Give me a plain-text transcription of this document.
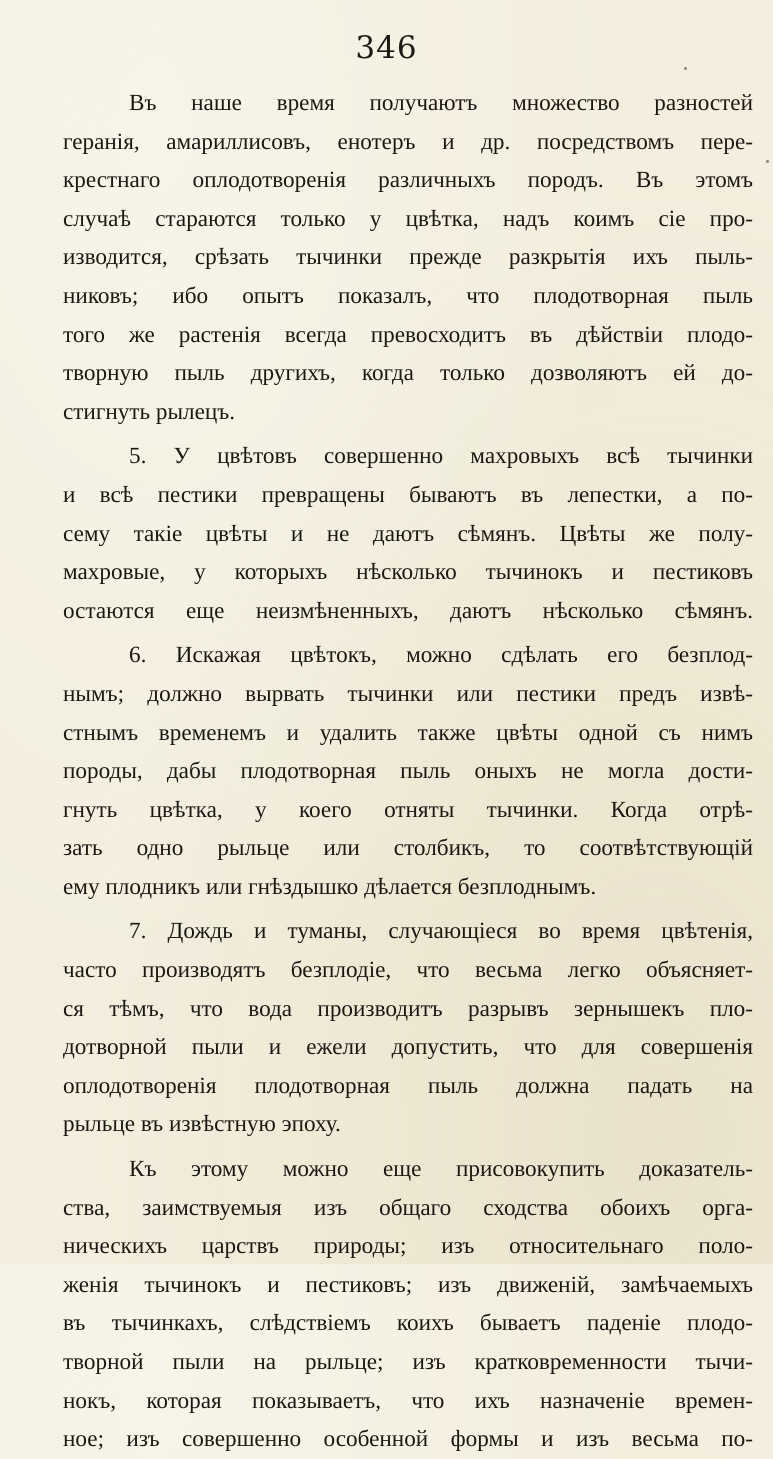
346
Въ наше время получаютъ множество разностей
геранія, амариллисовъ, енотеръ и др. посредствомъ пере-
крестнаго оплодотворенія различныхъ породъ. Въ этомъ
случаѣ стараются только у цвѣтка, надъ коимъ сіе про-
изводится, срѣзать тычинки прежде разкрытія ихъ пыль-
никовъ; ибо опытъ показалъ, что плодотворная пыль
того же растенія всегда превосходитъ въ дѣйствіи плодо-
творную пыль другихъ, когда только дозволяютъ ей до-
стигнуть рылецъ.
5. У цвѣтовъ совершенно махровыхъ всѣ тычинки
и всѣ пестики превращены бываютъ въ лепестки, а по-
сему такіе цвѣты и не даютъ сѣмянъ. Цвѣты же полу-
махровые, у которыхъ нѣсколько тычинокъ и пестиковъ
остаются еще неизмѣненныхъ, даютъ нѣсколько сѣмянъ.
6. Искажая цвѣтокъ, можно сдѣлать его безплод-
нымъ; должно вырвать тычинки или пестики предъ извѣ-
стнымъ временемъ и удалить также цвѣты одной съ нимъ
породы, дабы плодотворная пыль оныхъ не могла дости-
гнуть цвѣтка, у коего отняты тычинки. Когда отрѣ-
зать одно рыльце или столбикъ, то соотвѣтствующій
ему плодникъ или гнѣздышко дѣлается безплоднымъ.
7. Дождь и туманы, случающіеся во время цвѣтенія,
часто производятъ безплодіе, что весьма легко объясняет-
ся тѣмъ, что вода производитъ разрывъ зернышекъ пло-
дотворной пыли и ежели допустить, что для совершенія
оплодотворенія плодотворная пыль должна падать на
рыльце въ извѣстную эпоху.
Къ этому можно еще присовокупить доказатель-
ства, заимствуемыя изъ общаго сходства обоихъ орга-
ническихъ царствъ природы; изъ относительнаго поло-
женія тычинокъ и пестиковъ; изъ движеній, замѣчаемыхъ
въ тычинкахъ, слѣдствіемъ коихъ бываетъ паденіе плодо-
творной пыли на рыльце; изъ кратковременности тычи-
нокъ, которая показываетъ, что ихъ назначеніе времен-
ное; изъ совершенно особенной формы и изъ весьма по-
